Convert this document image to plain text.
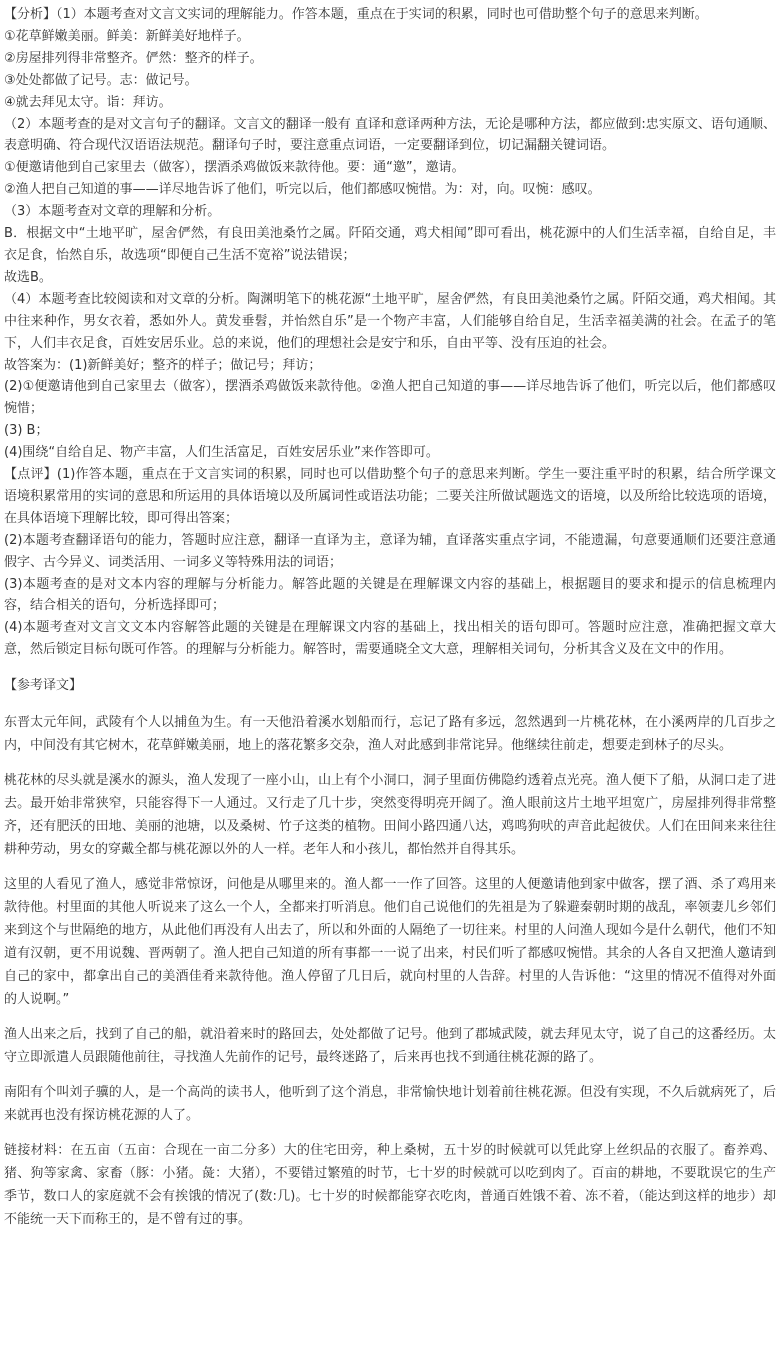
【分析】（1）本题考查对文言文实词的理解能力。作答本题，重点在于实词的积累，同时也可借助整个句子的意思来判断。

①花草鲜嫩美丽。鲜美：新鲜美好地样子。

②房屋排列得非常整齐。俨然：整齐的样子。

③处处都做了记号。志：做记号。

④就去拜见太守。诣：拜访。

（2）本题考查的是对文言句子的翻译。文言文的翻译一般有 直译和意译两种方法，无论是哪种方法，都应做到:忠实原文、语句通顺、表意明确、符合现代汉语语法规范。翻译句子时，要注意重点词语，一定要翻译到位，切记漏翻关键词语。

①便邀请他到自己家里去（做客），摆酒杀鸡做饭来款待他。要：通“邀”，邀请。

②渔人把自己知道的事——详尽地告诉了他们，听完以后，他们都感叹惋惜。为：对，向。叹惋：感叹。

（3）本题考查对文章的理解和分析。

B．根据文中“土地平旷，屋舍俨然，有良田美池桑竹之属。阡陌交通，鸡犬相闻”即可看出，桃花源中的人们生活幸福，自给自足，丰衣足食，怡然自乐，故选项“即便自己生活不宽裕”说法错误；

故选B。

（4）本题考查比较阅读和对文章的分析。陶渊明笔下的桃花源“土地平旷，屋舍俨然，有良田美池桑竹之属。阡陌交通，鸡犬相闻。其中往来种作，男女衣着，悉如外人。黄发垂髫，并怡然自乐”是一个物产丰富，人们能够自给自足，生活幸福美满的社会。在孟子的笔下，人们丰衣足食，百姓安居乐业。总的来说，他们的理想社会是安宁和乐，自由平等、没有压迫的社会。

故答案为：(1)新鲜美好；整齐的样子；做记号；拜访；

(2)①便邀请他到自己家里去（做客），摆酒杀鸡做饭来款待他。②渔人把自己知道的事——详尽地告诉了他们，听完以后，他们都感叹惋惜；

(3) B；

(4)围绕“自给自足、物产丰富，人们生活富足，百姓安居乐业”来作答即可。

【点评】(1)作答本题，重点在于文言实词的积累，同时也可以借助整个句子的意思来判断。学生一要注重平时的积累，结合所学课文语境积累常用的实词的意思和所运用的具体语境以及所属词性或语法功能；二要关注所做试题选文的语境，以及所给比较选项的语境，在具体语境下理解比较，即可得出答案；

(2)本题考查翻译语句的能力，答题时应注意，翻译一直译为主，意译为辅，直译落实重点字词，不能遗漏，句意要通顺们还要注意通假字、古今异义、词类活用、一词多义等特殊用法的词语；

(3)本题考查的是对文本内容的理解与分析能力。解答此题的关键是在理解课文内容的基础上，根据题目的要求和提示的信息梳理内容，结合相关的语句，分析选择即可；

(4)本题考查对文言文文本内容解答此题的关键是在理解课文内容的基础上，找出相关的语句即可。答题时应注意，准确把握文章大意，然后锁定目标句既可作答。的理解与分析能力。解答时，需要通晓全文大意，理解相关词句，分析其含义及在文中的作用。

【参考译文】

东晋太元年间，武陵有个人以捕鱼为生。有一天他沿着溪水划船而行，忘记了路有多远，忽然遇到一片桃花林，在小溪两岸的几百步之内，中间没有其它树木，花草鲜嫩美丽，地上的落花繁多交杂，渔人对此感到非常诧异。他继续往前走，想要走到林子的尽头。

桃花林的尽头就是溪水的源头，渔人发现了一座小山，山上有个小洞口，洞子里面仿佛隐约透着点光亮。渔人便下了船，从洞口走了进去。最开始非常狭窄，只能容得下一人通过。又行走了几十步，突然变得明亮开阔了。渔人眼前这片土地平坦宽广，房屋排列得非常整齐，还有肥沃的田地、美丽的池塘，以及桑树、竹子这类的植物。田间小路四通八达，鸡鸣狗吠的声音此起彼伏。人们在田间来来往往耕种劳动，男女的穿戴全都与桃花源以外的人一样。老年人和小孩儿，都怡然并自得其乐。

这里的人看见了渔人，感觉非常惊讶，问他是从哪里来的。渔人都一一作了回答。这里的人便邀请他到家中做客，摆了酒、杀了鸡用来款待他。村里面的其他人听说来了这么一个人，全都来打听消息。他们自己说他们的先祖是为了躲避秦朝时期的战乱，率领妻儿乡邻们来到这个与世隔绝的地方，从此他们再没有人出去了，所以和外面的人隔绝了一切往来。村里的人问渔人现如今是什么朝代，他们不知道有汉朝，更不用说魏、晋两朝了。渔人把自己知道的所有事都一一说了出来，村民们听了都感叹惋惜。其余的人各自又把渔人邀请到自己的家中，都拿出自己的美酒佳肴来款待他。渔人停留了几日后，就向村里的人告辞。村里的人告诉他：“这里的情况不值得对外面的人说啊。”

渔人出来之后，找到了自己的船，就沿着来时的路回去，处处都做了记号。他到了郡城武陵，就去拜见太守，说了自己的这番经历。太守立即派遣人员跟随他前往，寻找渔人先前作的记号，最终迷路了，后来再也找不到通往桃花源的路了。

南阳有个叫刘子骥的人，是一个高尚的读书人，他听到了这个消息，非常愉快地计划着前往桃花源。但没有实现，不久后就病死了，后来就再也没有探访桃花源的人了。

链接材料：在五亩（五亩：合现在一亩二分多）大的住宅田旁，种上桑树，五十岁的时候就可以凭此穿上丝织品的衣服了。畜养鸡、猪、狗等家禽、家畜（豚：小猪。彘：大猪），不要错过繁殖的时节，七十岁的时候就可以吃到肉了。百亩的耕地，不要耽误它的生产季节，数口人的家庭就不会有挨饿的情况了(数:几)。七十岁的时候都能穿衣吃肉，普通百姓饿不着、冻不着，（能达到这样的地步）却不能统一天下而称王的，是不曾有过的事。
